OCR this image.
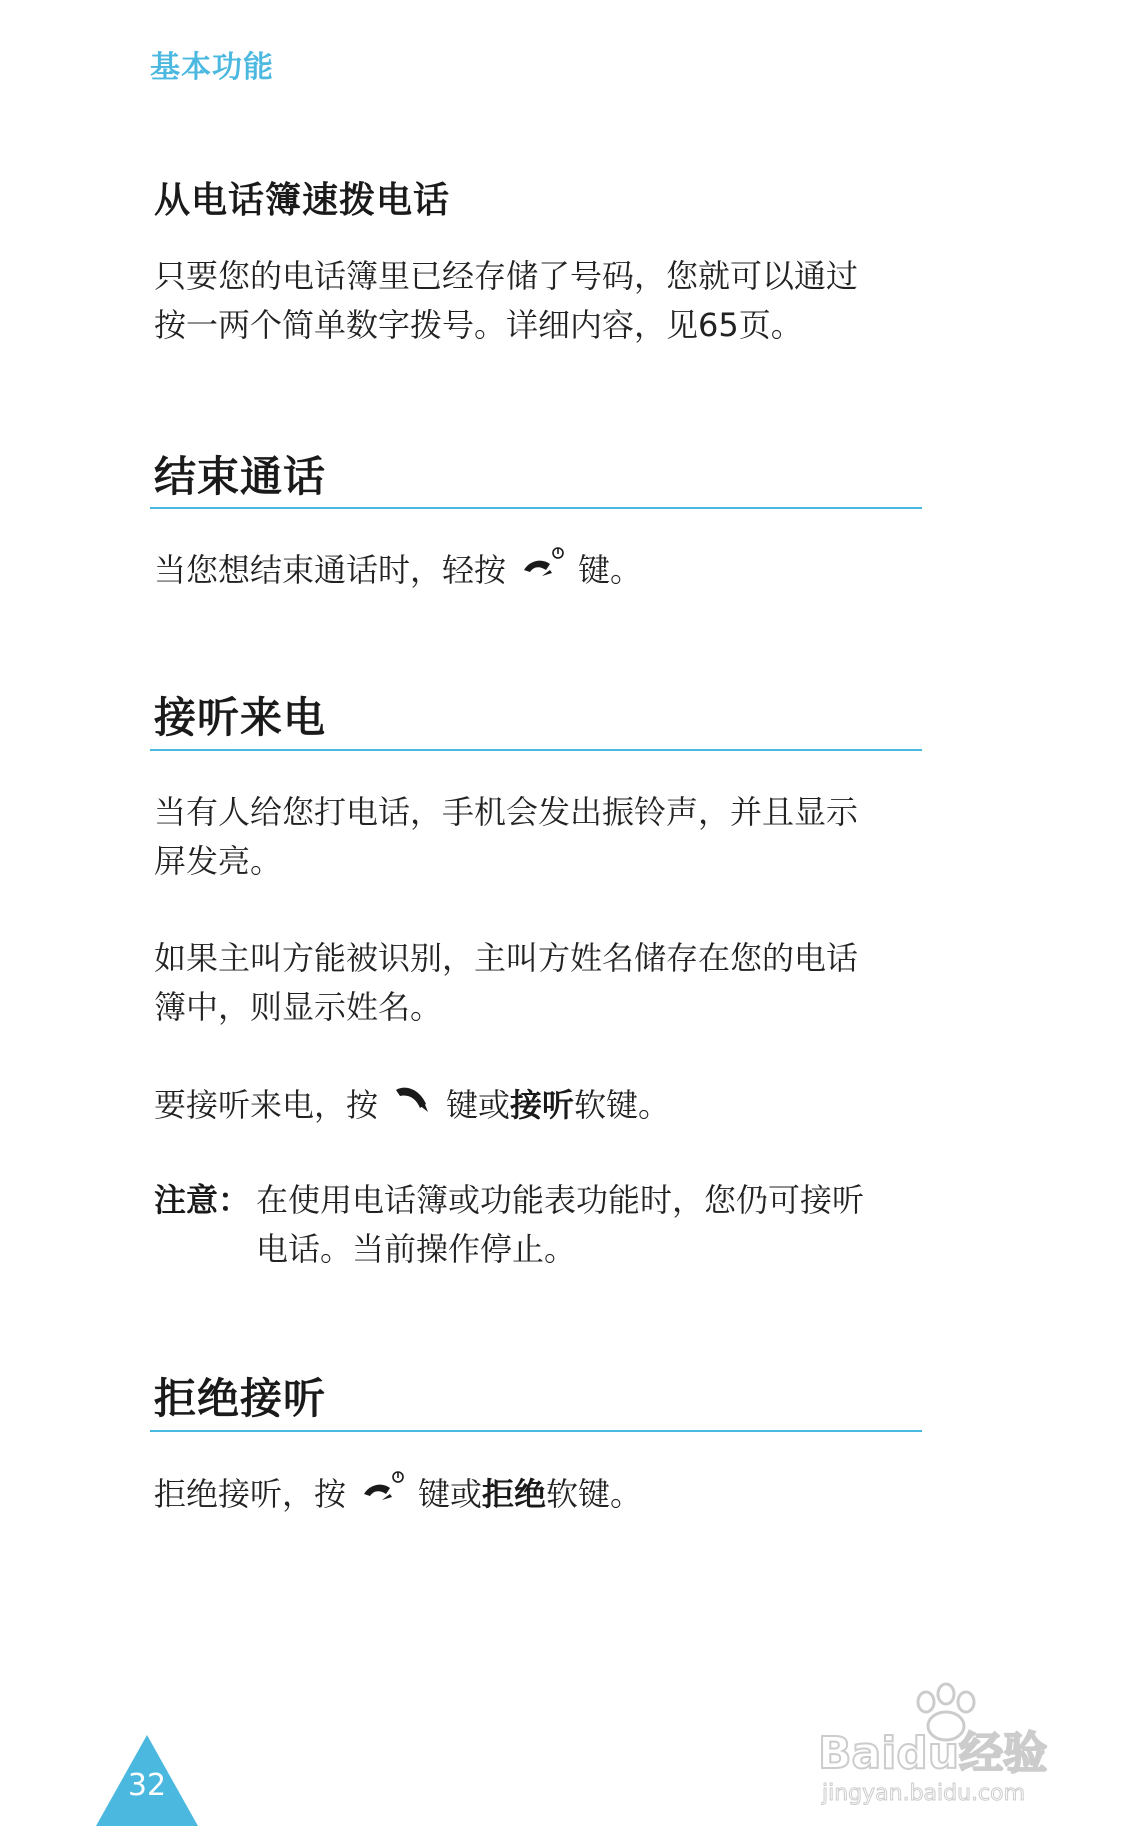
基本功能
从电话簿速拨电话
只要您的电话簿里已经存储了号码，您就可以通过
按一两个简单数字拨号。详细内容，见65页。
结束通话
当您想结束通话时，轻按 键。
接听来电
当有人给您打电话，手机会发出振铃声，并且显示
屏发亮。
如果主叫方能被识别，主叫方姓名储存在您的电话
簿中，则显示姓名。
要接听来电，按 键或 接听 软键。
注意： 在使用电话簿或功能表功能时，您仍可接听
电话。当前操作停止。
拒绝接听
拒绝接听，按 键或 拒绝 软键。
32
Baidu经验
jingyan.baidu.com
